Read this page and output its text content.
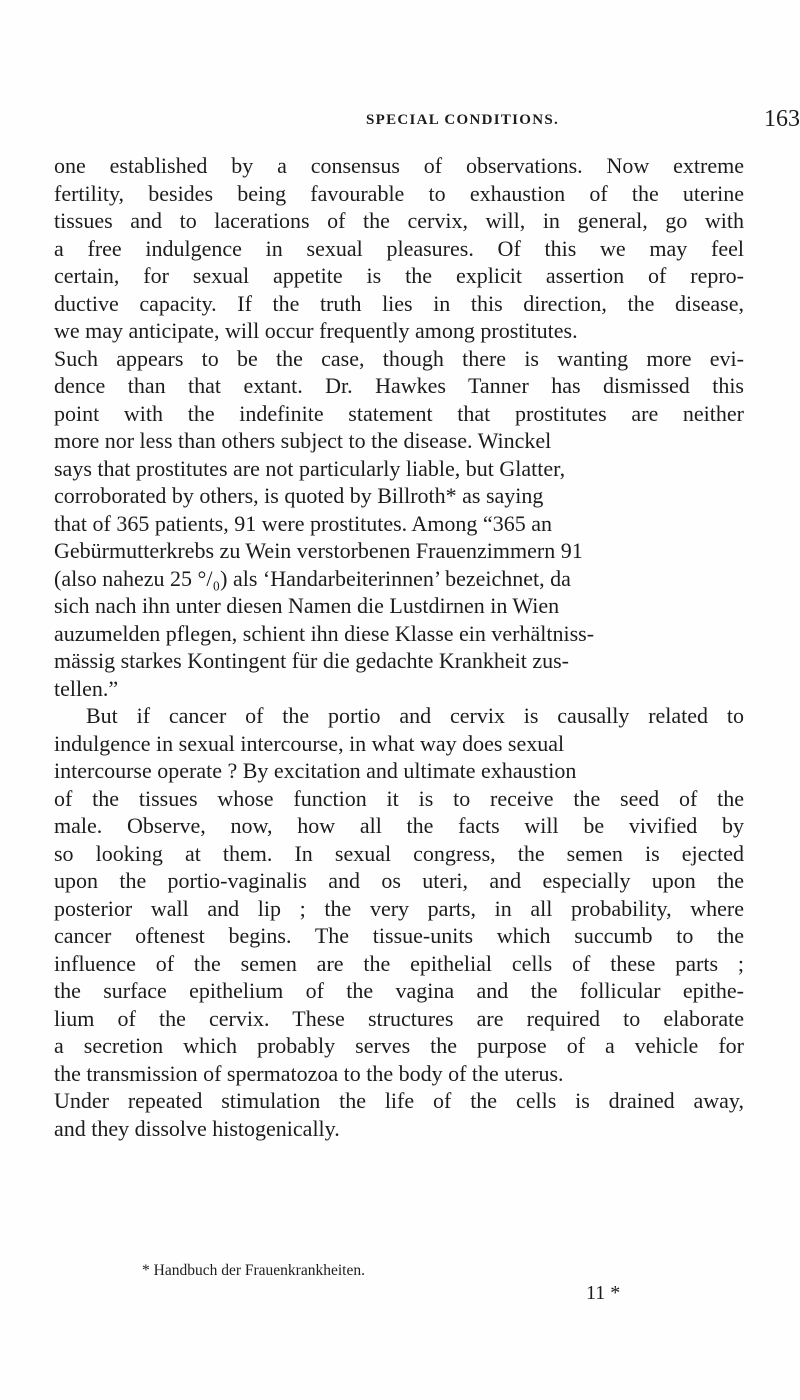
SPECIAL CONDITIONS.	163
one established by a consensus of observations. Now extreme
fertility, besides being favourable to exhaustion of the uterine
tissues and to lacerations of the cervix, will, in general, go with
a free indulgence in sexual pleasures. Of this we may feel
certain, for sexual appetite is the explicit assertion of repro-
ductive capacity. If the truth lies in this direction, the disease,
we may anticipate, will occur frequently among prostitutes.
Such appears to be the case, though there is wanting more evi-
dence than that extant. Dr. Hawkes Tanner has dismissed this
point with the indefinite statement that prostitutes are neither
more nor less than others subject to the disease. Winckel
says that prostitutes are not particularly liable, but Glatter,
corroborated by others, is quoted by Billroth* as saying
that of 365 patients, 91 were prostitutes. Among “365 an
Gebürmutterkrebs zu Wein verstorbenen Frauenzimmern 91
(also nahezu 25 °/₀) als ‘Handarbeiterinnen’ bezeichnet, da
sich nach ihn unter diesen Namen die Lustdirnen in Wien
auzumelden pflegen, schient ihn diese Klasse ein verhältniss-
mässig starkes Kontingent für die gedachte Krankheit zus-
tellen.”
But if cancer of the portio and cervix is causally related to
indulgence in sexual intercourse, in what way does sexual
intercourse operate ? By excitation and ultimate exhaustion
of the tissues whose function it is to receive the seed of the
male. Observe, now, how all the facts will be vivified by
so looking at them. In sexual congress, the semen is ejected
upon the portio-vaginalis and os uteri, and especially upon the
posterior wall and lip ; the very parts, in all probability, where
cancer oftenest begins. The tissue-units which succumb to the
influence of the semen are the epithelial cells of these parts ;
the surface epithelium of the vagina and the follicular epithe-
lium of the cervix. These structures are required to elaborate
a secretion which probably serves the purpose of a vehicle for
the transmission of spermatozoa to the body of the uterus.
Under repeated stimulation the life of the cells is drained away,
and they dissolve histogenically.
* Handbuch der Frauenkrankheiten.
11 *
